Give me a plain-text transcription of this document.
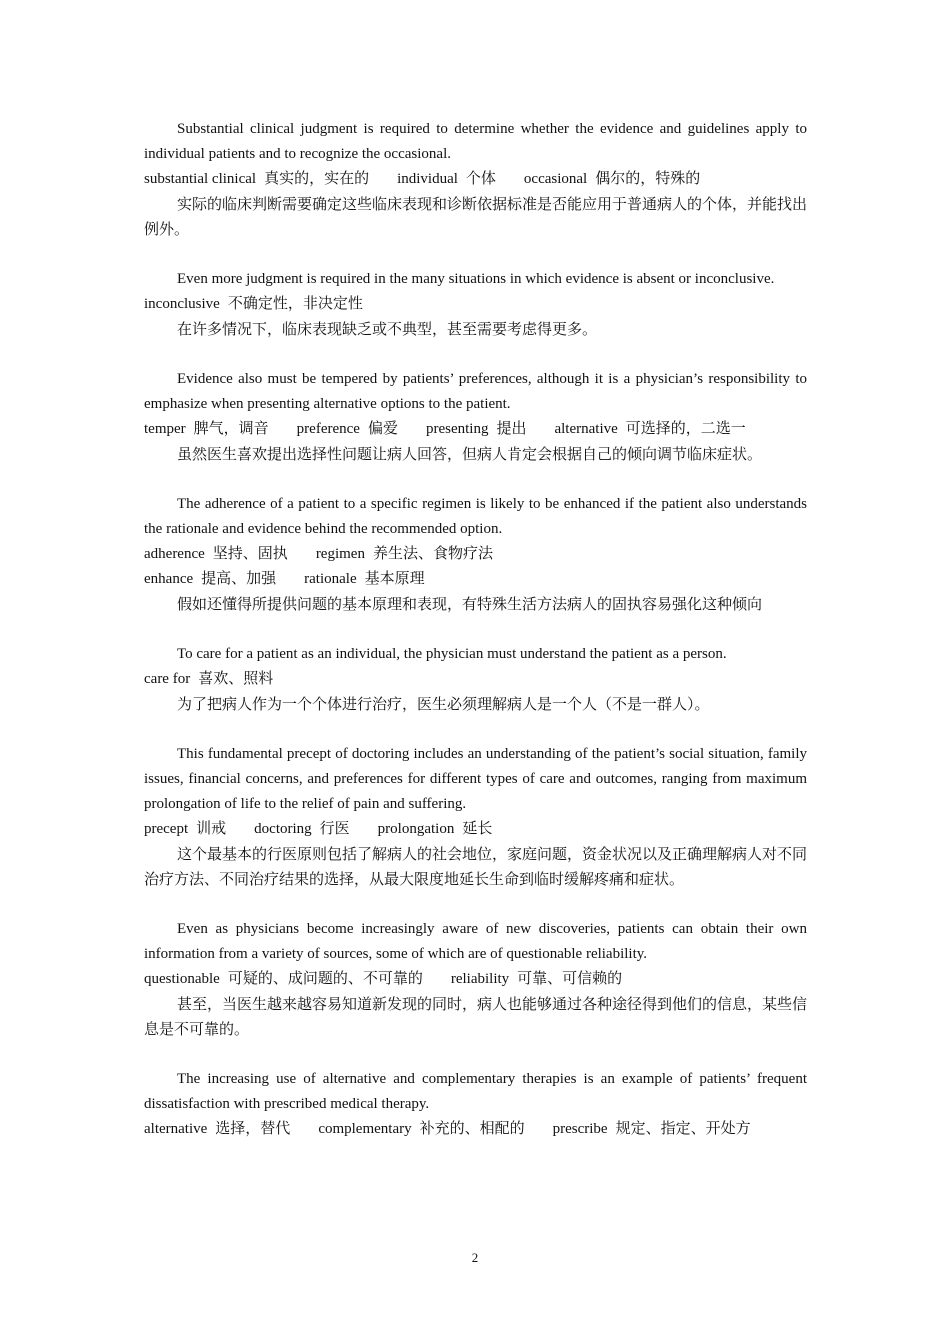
Substantial clinical judgment is required to determine whether the evidence and guidelines apply to individual patients and to recognize the occasional.

substantial clinical 真实的，实在的 individual 个体 occasional 偶尔的，特殊的

实际的临床判断需要确定这些临床表现和诊断依据标准是否能应用于普通病人的个体，并能找出例外。

Even more judgment is required in the many situations in which evidence is absent or inconclusive.

inconclusive 不确定性，非决定性

在许多情况下，临床表现缺乏或不典型，甚至需要考虑得更多。

Evidence also must be tempered by patients’ preferences, although it is a physician’s responsibility to emphasize when presenting alternative options to the patient.

temper 脾气，调音 preference 偏爱 presenting 提出 alternative 可选择的，二选一

虽然医生喜欢提出选择性问题让病人回答，但病人肯定会根据自己的倾向调节临床症状。

The adherence of a patient to a specific regimen is likely to be enhanced if the patient also understands the rationale and evidence behind the recommended option.

adherence 坚持、固执 regimen 养生法、食物疗法

enhance 提高、加强 rationale 基本原理

假如还懂得所提供问题的基本原理和表现，有特殊生活方法病人的固执容易强化这种倾向

To care for a patient as an individual, the physician must understand the patient as a person.

care for 喜欢、照料

为了把病人作为一个个体进行治疗，医生必须理解病人是一个人（不是一群人）。

This fundamental precept of doctoring includes an understanding of the patient’s social situation, family issues, financial concerns, and preferences for different types of care and outcomes, ranging from maximum prolongation of life to the relief of pain and suffering.

precept 训戒 doctoring 行医 prolongation 延长

这个最基本的行医原则包括了解病人的社会地位，家庭问题，资金状况以及正确理解病人对不同治疗方法、不同治疗结果的选择，从最大限度地延长生命到临时缓解疼痛和症状。

Even as physicians become increasingly aware of new discoveries, patients can obtain their own information from a variety of sources, some of which are of questionable reliability.

questionable 可疑的、成问题的、不可靠的 reliability 可靠、可信赖的

甚至，当医生越来越容易知道新发现的同时，病人也能够通过各种途径得到他们的信息，某些信息是不可靠的。

The increasing use of alternative and complementary therapies is an example of patients’ frequent dissatisfaction with prescribed medical therapy.

alternative 选择，替代 complementary 补充的、相配的 prescribe 规定、指定、开处方

2
